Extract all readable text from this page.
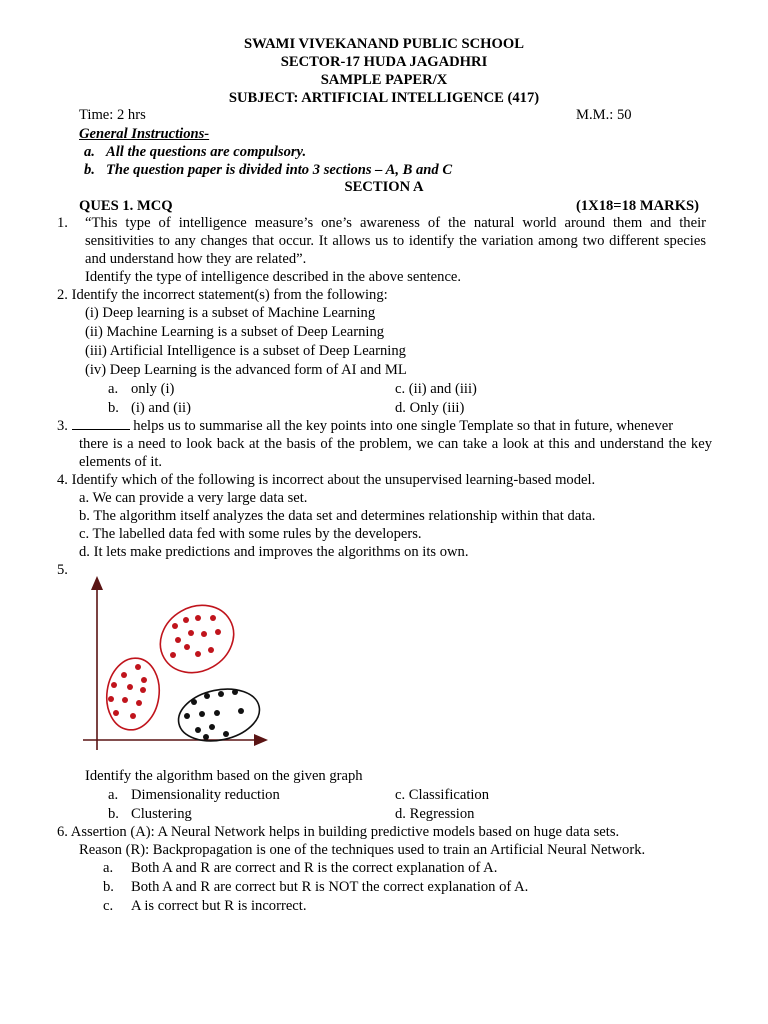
SWAMI VIVEKANAND PUBLIC SCHOOL
SECTOR-17 HUDA JAGADHRI
SAMPLE PAPER/X
SUBJECT: ARTIFICIAL INTELLIGENCE (417)
Time: 2 hrs	M.M.: 50
General Instructions-
a. All the questions are compulsory.
b. The question paper is divided into 3 sections – A, B and C
SECTION A
QUES 1. MCQ	(1X18=18 MARKS)
1. “This type of intelligence measure’s one’s awareness of the natural world around them and their sensitivities to any changes that occur. It allows us to identify the variation among two different species and understand how they are related”.
Identify the type of intelligence described in the above sentence.
2. Identify the incorrect statement(s) from the following:
(i) Deep learning is a subset of Machine Learning
(ii) Machine Learning is a subset of Deep Learning
(iii) Artificial Intelligence is a subset of Deep Learning
(iv) Deep Learning is the advanced form of AI and ML
a. only (i)	c. (ii) and (iii)
b. (i) and (ii)	d. Only (iii)
3.	helps us to summarise all the key points into one single Template so that in future, whenever
there is a need to look back at the basis of the problem, we can take a look at this and understand the key elements of it.
4. Identify which of the following is incorrect about the unsupervised learning-based model.
a. We can provide a very large data set.
b. The algorithm itself analyzes the data set and determines relationship within that data.
c. The labelled data fed with some rules by the developers.
d. It lets make predictions and improves the algorithms on its own.
5.
Identify the algorithm based on the given graph
a. Dimensionality reduction	c. Classification
b. Clustering	d. Regression
6. Assertion (A): A Neural Network helps in building predictive models based on huge data sets.
Reason (R): Backpropagation is one of the techniques used to train an Artificial Neural Network.
a. Both A and R are correct and R is the correct explanation of A.
b. Both A and R are correct but R is NOT the correct explanation of A.
c. A is correct but R is incorrect.
